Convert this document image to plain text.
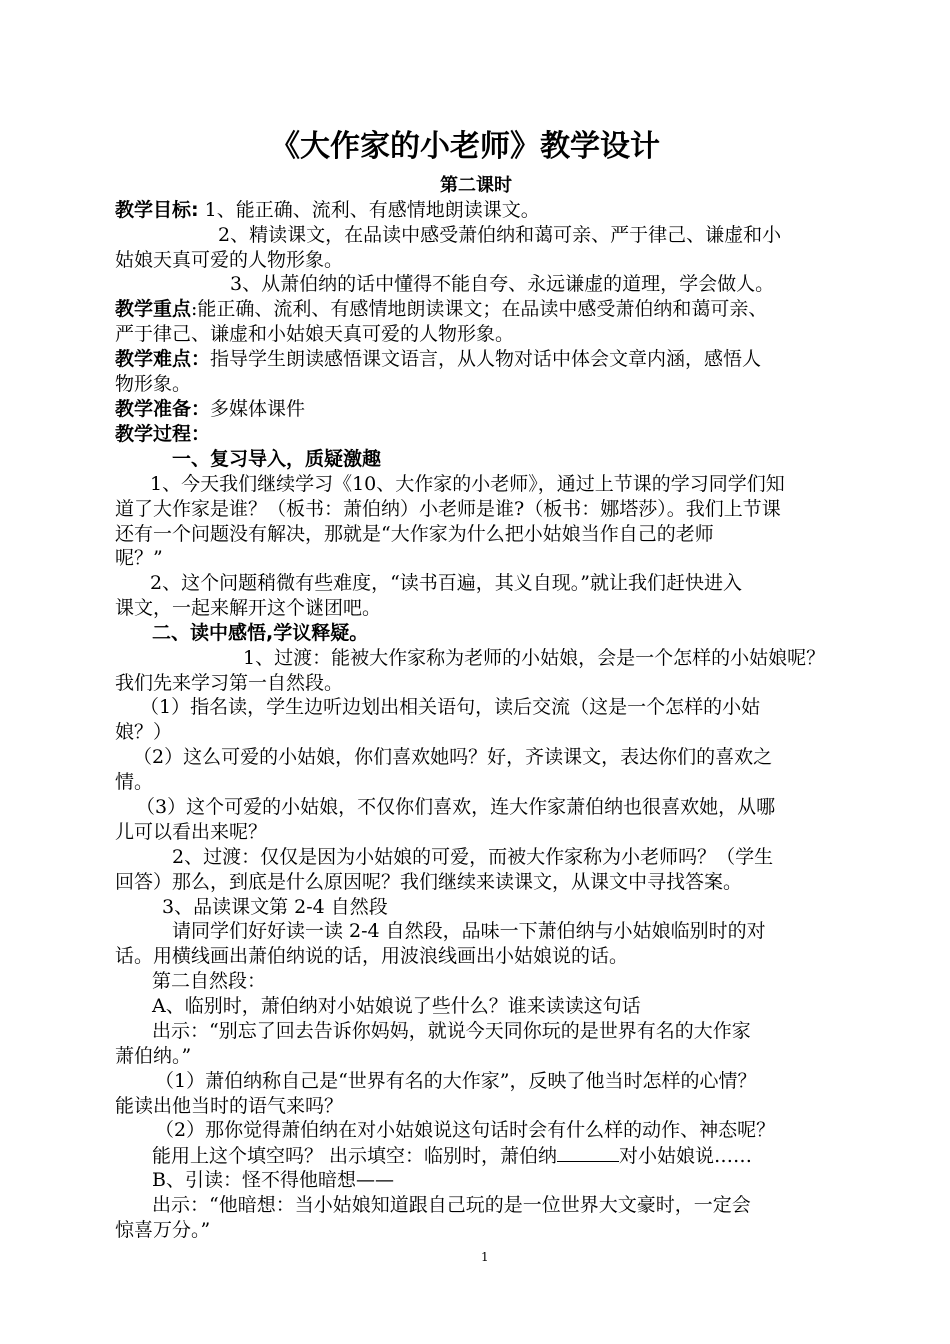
《大作家的小老师》教学设计
第二课时
教学目标: 1、能正确、流利、有感情地朗读课文。
2、精读课文，在品读中感受萧伯纳和蔼可亲、严于律己、谦虚和小
姑娘天真可爱的人物形象。
3、从萧伯纳的话中懂得不能自夸、永远谦虚的道理，学会做人。
教学重点:能正确、流利、有感情地朗读课文；在品读中感受萧伯纳和蔼可亲、
严于律己、谦虚和小姑娘天真可爱的人物形象。
教学难点：指导学生朗读感悟课文语言，从人物对话中体会文章内涵，感悟人
物形象。
教学准备：多媒体课件
教学过程：
一、复习导入，质疑激趣
1、今天我们继续学习《10、大作家的小老师》，通过上节课的学习同学们知
道了大作家是谁？（板书：萧伯纳）小老师是谁?（板书：娜塔莎）。我们上节课
还有一个问题没有解决，那就是“大作家为什么把小姑娘当作自己的老师
呢？”
2、这个问题稍微有些难度，“读书百遍，其义自现。”就让我们赶快进入
课文，一起来解开这个谜团吧。
二、读中感悟,学议释疑。
1、过渡：能被大作家称为老师的小姑娘，会是一个怎样的小姑娘呢？
我们先来学习第一自然段。
（1）指名读，学生边听边划出相关语句，读后交流（这是一个怎样的小姑
娘？）
（2）这么可爱的小姑娘，你们喜欢她吗？好，齐读课文，表达你们的喜欢之
情。
（3）这个可爱的小姑娘，不仅你们喜欢，连大作家萧伯纳也很喜欢她，从哪
儿可以看出来呢？
2、过渡：仅仅是因为小姑娘的可爱，而被大作家称为小老师吗？（学生
回答）那么，到底是什么原因呢？我们继续来读课文，从课文中寻找答案。
3、品读课文第 2-4 自然段
请同学们好好读一读 2-4 自然段，品味一下萧伯纳与小姑娘临别时的对
话。用横线画出萧伯纳说的话，用波浪线画出小姑娘说的话。
第二自然段：
A、临别时，萧伯纳对小姑娘说了些什么？谁来读读这句话
出示：“别忘了回去告诉你妈妈，就说今天同你玩的是世界有名的大作家
萧伯纳。”
（1）萧伯纳称自己是“世界有名的大作家”，反映了他当时怎样的心情？
能读出他当时的语气来吗？
（2）那你觉得萧伯纳在对小姑娘说这句话时会有什么样的动作、神态呢？
能用上这个填空吗？ 出示填空：临别时，萧伯纳	对小姑娘说……
B、引读：怪不得他暗想——
出示：“他暗想：当小姑娘知道跟自己玩的是一位世界大文豪时，一定会
惊喜万分。”
1
